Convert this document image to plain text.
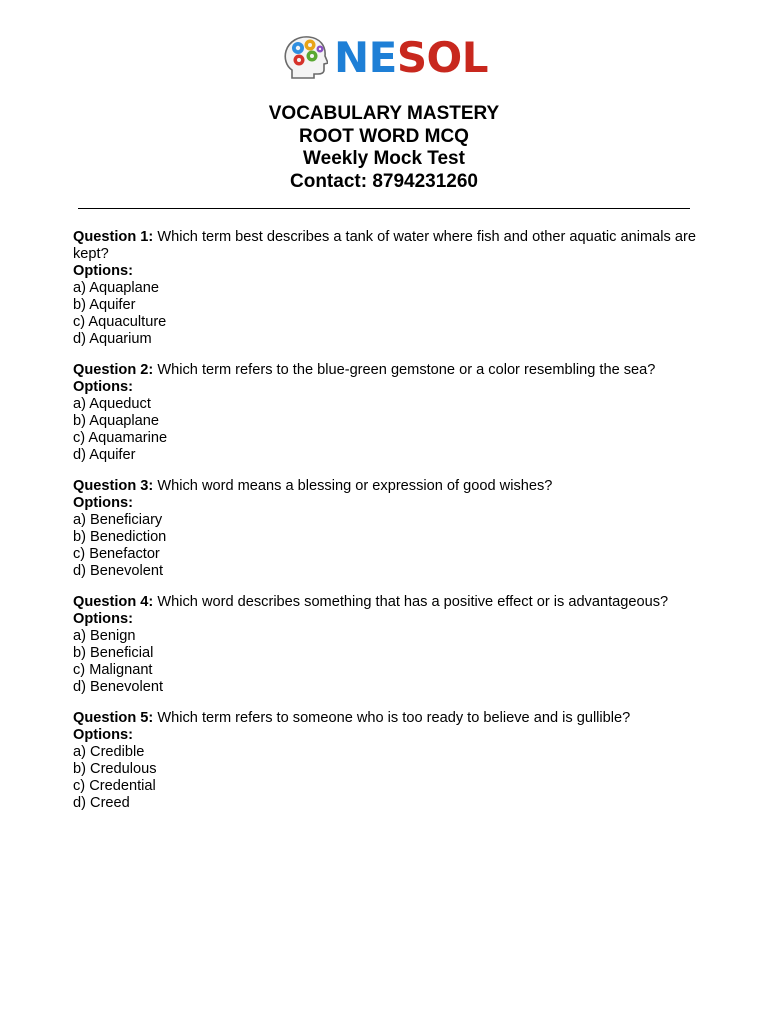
NESOL
VOCABULARY MASTERY
ROOT WORD MCQ
Weekly Mock Test
Contact: 8794231260
Question 1: Which term best describes a tank of water where fish and other aquatic animals are kept?
Options:
a) Aquaplane
b) Aquifer
c) Aquaculture
d) Aquarium
Question 2: Which term refers to the blue-green gemstone or a color resembling the sea?
Options:
a) Aqueduct
b) Aquaplane
c) Aquamarine
d) Aquifer
Question 3: Which word means a blessing or expression of good wishes?
Options:
a) Beneficiary
b) Benediction
c) Benefactor
d) Benevolent
Question 4: Which word describes something that has a positive effect or is advantageous?
Options:
a) Benign
b) Beneficial
c) Malignant
d) Benevolent
Question 5: Which term refers to someone who is too ready to believe and is gullible?
Options:
a) Credible
b) Credulous
c) Credential
d) Creed
